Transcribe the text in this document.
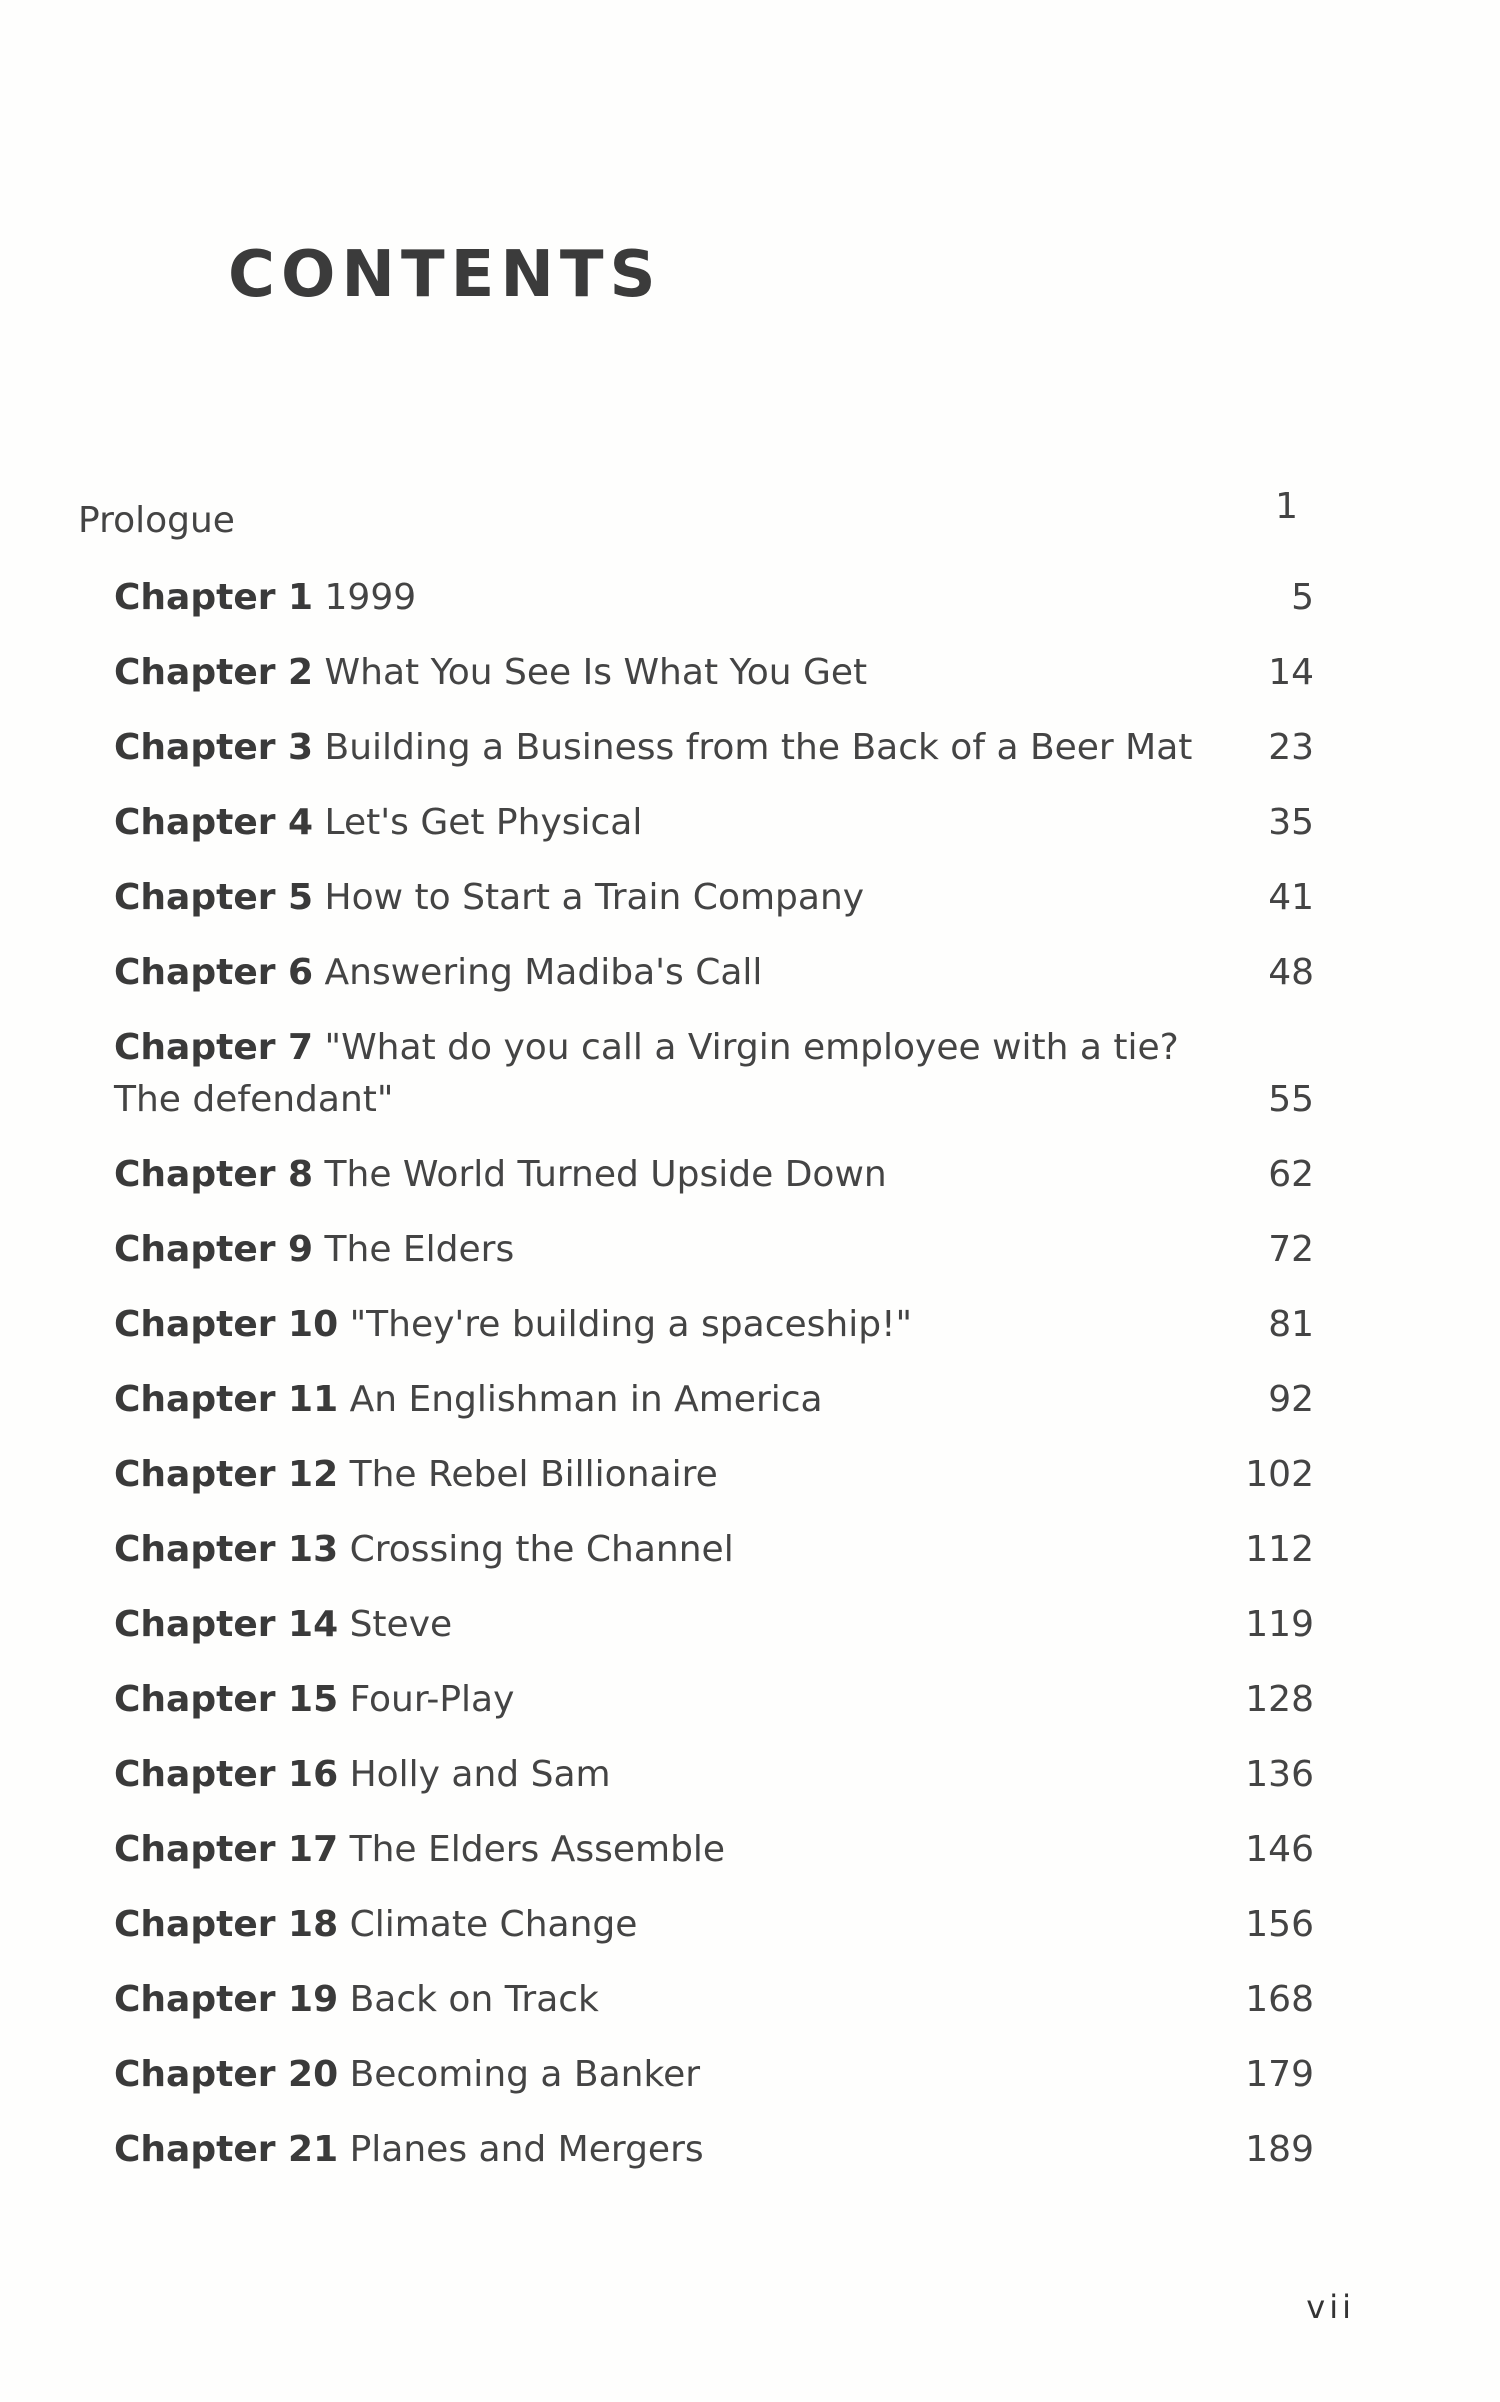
CONTENTS
Prologue	1
Chapter 1 1999	5
Chapter 2 What You See Is What You Get	14
Chapter 3 Building a Business from the Back of a Beer Mat	23
Chapter 4 Let's Get Physical	35
Chapter 5 How to Start a Train Company	41
Chapter 6 Answering Madiba's Call	48
Chapter 7 "What do you call a Virgin employee with a tie? The defendant"	55
Chapter 8 The World Turned Upside Down	62
Chapter 9 The Elders	72
Chapter 10 "They're building a spaceship!"	81
Chapter 11 An Englishman in America	92
Chapter 12 The Rebel Billionaire	102
Chapter 13 Crossing the Channel	112
Chapter 14 Steve	119
Chapter 15 Four-Play	128
Chapter 16 Holly and Sam	136
Chapter 17 The Elders Assemble	146
Chapter 18 Climate Change	156
Chapter 19 Back on Track	168
Chapter 20 Becoming a Banker	179
Chapter 21 Planes and Mergers	189
vii
